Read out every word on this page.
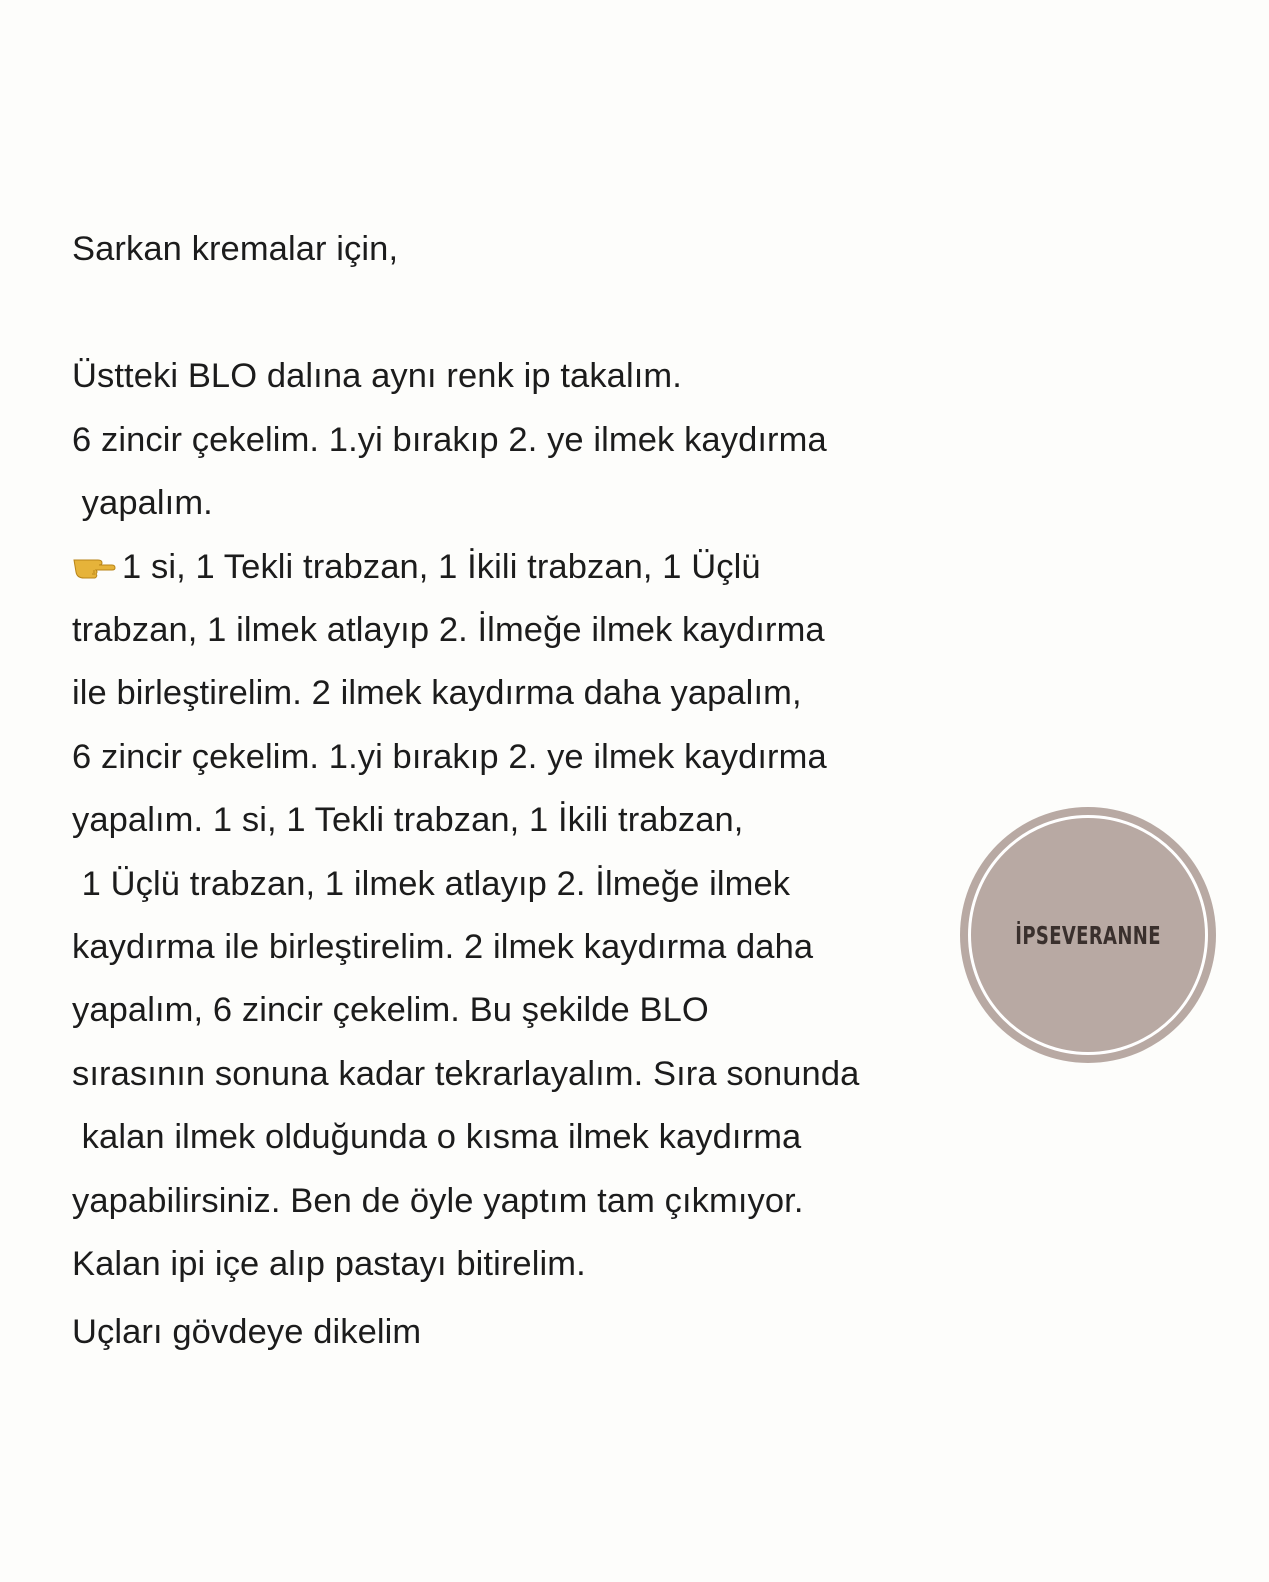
Sarkan kremalar için,
Üstteki BLO dalına aynı renk ip takalım.
6 zincir çekelim. 1.yi bırakıp 2. ye ilmek kaydırma
yapalım.
1 si, 1 Tekli trabzan, 1 İkili trabzan, 1 Üçlü
trabzan, 1 ilmek atlayıp 2. İlmeğe ilmek kaydırma
ile birleştirelim. 2 ilmek kaydırma daha yapalım,
6 zincir çekelim. 1.yi bırakıp 2. ye ilmek kaydırma
yapalım. 1 si, 1 Tekli trabzan, 1 İkili trabzan,
1 Üçlü trabzan, 1 ilmek atlayıp 2. İlmeğe ilmek
kaydırma ile birleştirelim. 2 ilmek kaydırma daha
yapalım, 6 zincir çekelim. Bu şekilde BLO
sırasının sonuna kadar tekrarlayalım. Sıra sonunda
kalan ilmek olduğunda o kısma ilmek kaydırma
yapabilirsiniz. Ben de öyle yaptım tam çıkmıyor.
Kalan ipi içe alıp pastayı bitirelim.
Uçları gövdeye dikelim
İPSEVERANNE
